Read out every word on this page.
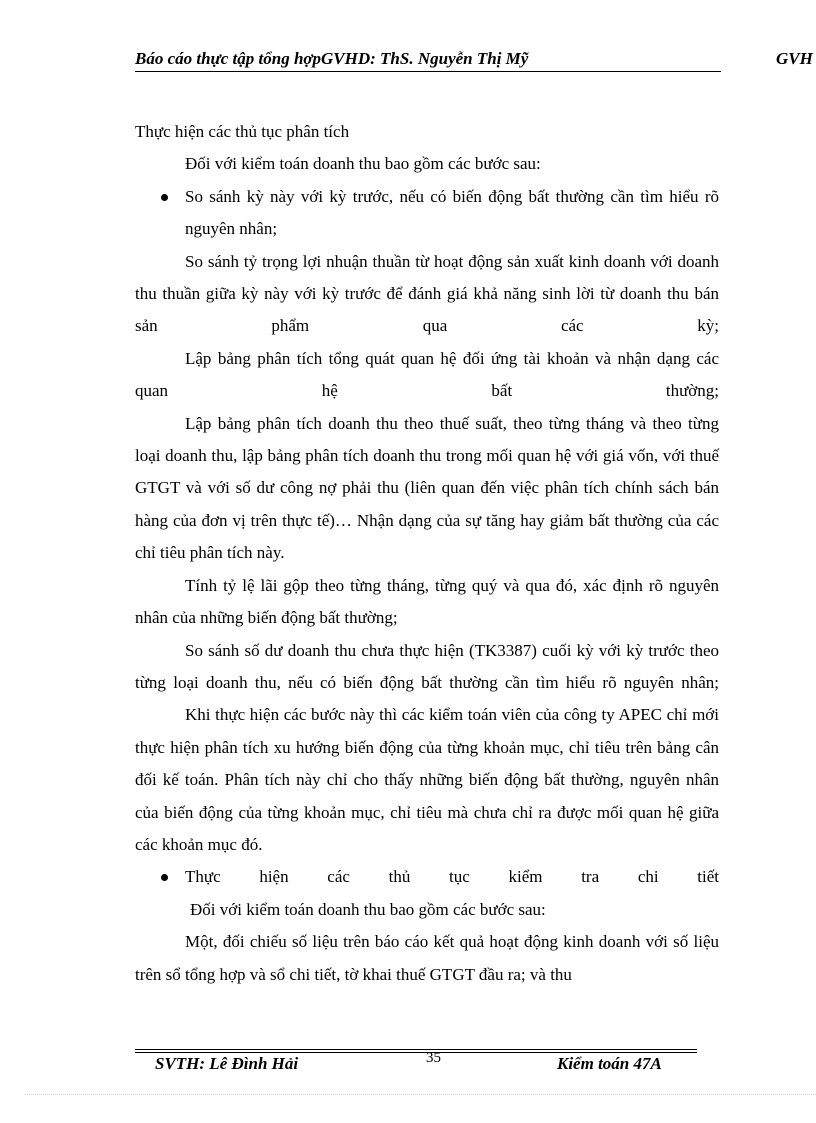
Báo cáo thực tập tổng hợpGVHD: ThS. Nguyễn Thị Mỹ	GVH

Thực hiện các thủ tục phân tích

Đối với kiểm toán doanh thu bao gồm các bước sau:

So sánh kỳ này với kỳ trước, nếu có biến động bất thường cần tìm hiểu rõ nguyên nhân;

So sánh tỷ trọng lợi nhuận thuần từ hoạt động sản xuất kinh doanh với doanh thu thuần giữa kỳ này với kỳ trước để đánh giá khả năng sinh lời từ doanh thu bán sản phẩm qua các kỳ;

Lập bảng phân tích tổng quát quan hệ đối ứng tài khoản và nhận dạng các quan hệ bất thường;

Lập bảng phân tích doanh thu theo thuế suất, theo từng tháng và theo từng loại doanh thu, lập bảng phân tích doanh thu trong mối quan hệ với giá vốn, với thuế GTGT và với số dư công nợ phải thu (liên quan đến việc phân tích chính sách bán hàng của đơn vị trên thực tế)… Nhận dạng của sự tăng hay giảm bất thường của các chỉ tiêu phân tích này.

Tính tỷ lệ lãi gộp theo từng tháng, từng quý và qua đó, xác định rõ nguyên nhân của những biến động bất thường;

So sánh số dư doanh thu chưa thực hiện (TK3387) cuối kỳ với kỳ trước theo từng loại doanh thu, nếu có biến động bất thường cần tìm hiểu rõ nguyên nhân;

Khi thực hiện các bước này thì các kiểm toán viên của công ty APEC chỉ mới thực hiện phân tích xu hướng biến động của từng khoản mục, chỉ tiêu trên bảng cân đối kế toán. Phân tích này chỉ cho thấy những biến động bất thường, nguyên nhân của biến động của từng khoản mục, chỉ tiêu mà chưa chỉ ra được mối quan hệ giữa các khoản mục đó.

Thực hiện các thủ tục kiểm tra chi tiết

Đối với kiểm toán doanh thu bao gồm các bước sau:

Một, đối chiếu số liệu trên báo cáo kết quả hoạt động kinh doanh với số liệu trên sổ tổng hợp và sổ chi tiết, tờ khai thuế GTGT đầu ra; và thu

SVTH: Lê Đình Hải	35	Kiểm toán 47A
